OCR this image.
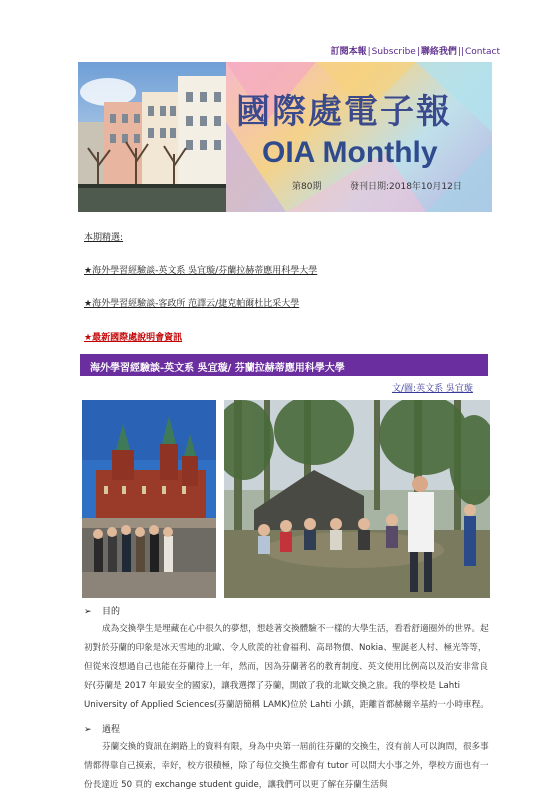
訂閱本報|Subscribe|聯絡我們||Contact
國際處電子報
OIA Monthly
第80期	發刊日期:2018年10月12日
本期精選:
★海外學習經驗談-英文系 吳宜璇/芬蘭拉赫蒂應用科學大學
★海外學習經驗談-客政所 范譯云/捷克帕爾杜比采大學
★最新國際處說明會資訊
海外學習經驗談-英文系 吳宜璇/ 芬蘭拉赫蒂應用科學大學
文/圖:英文系 吳宜璇
➢ 目的

成為交換學生是埋藏在心中很久的夢想，想趁著交換體驗不一樣的大學生活，看看舒適圈外的世界。起初對於芬蘭的印象是冰天雪地的北歐、令人欣羨的社會福利、高昂物價、Nokia、聖誕老人村、極光等等，但從來沒想過自己也能在芬蘭待上一年，然而，因為芬蘭著名的教育制度、英文使用比例高以及治安非常良好(芬蘭是 2017 年最安全的國家)，讓我選擇了芬蘭，開啟了我的北歐交換之旅。我的學校是 Lahti University of Applied Sciences(芬蘭語簡稱 LAMK)位於 Lahti 小鎮，距離首都赫爾辛基約一小時車程。

➢ 過程

芬蘭交換的資訊在網路上的資料有限，身為中央第一屆前往芬蘭的交換生，沒有前人可以詢問，很多事情都得靠自己摸索，幸好，校方很積極，除了每位交換生都會有 tutor 可以問大小事之外，學校方面也有一份長達近 50 頁的 exchange student guide，讓我們可以更了解在芬蘭生活與
